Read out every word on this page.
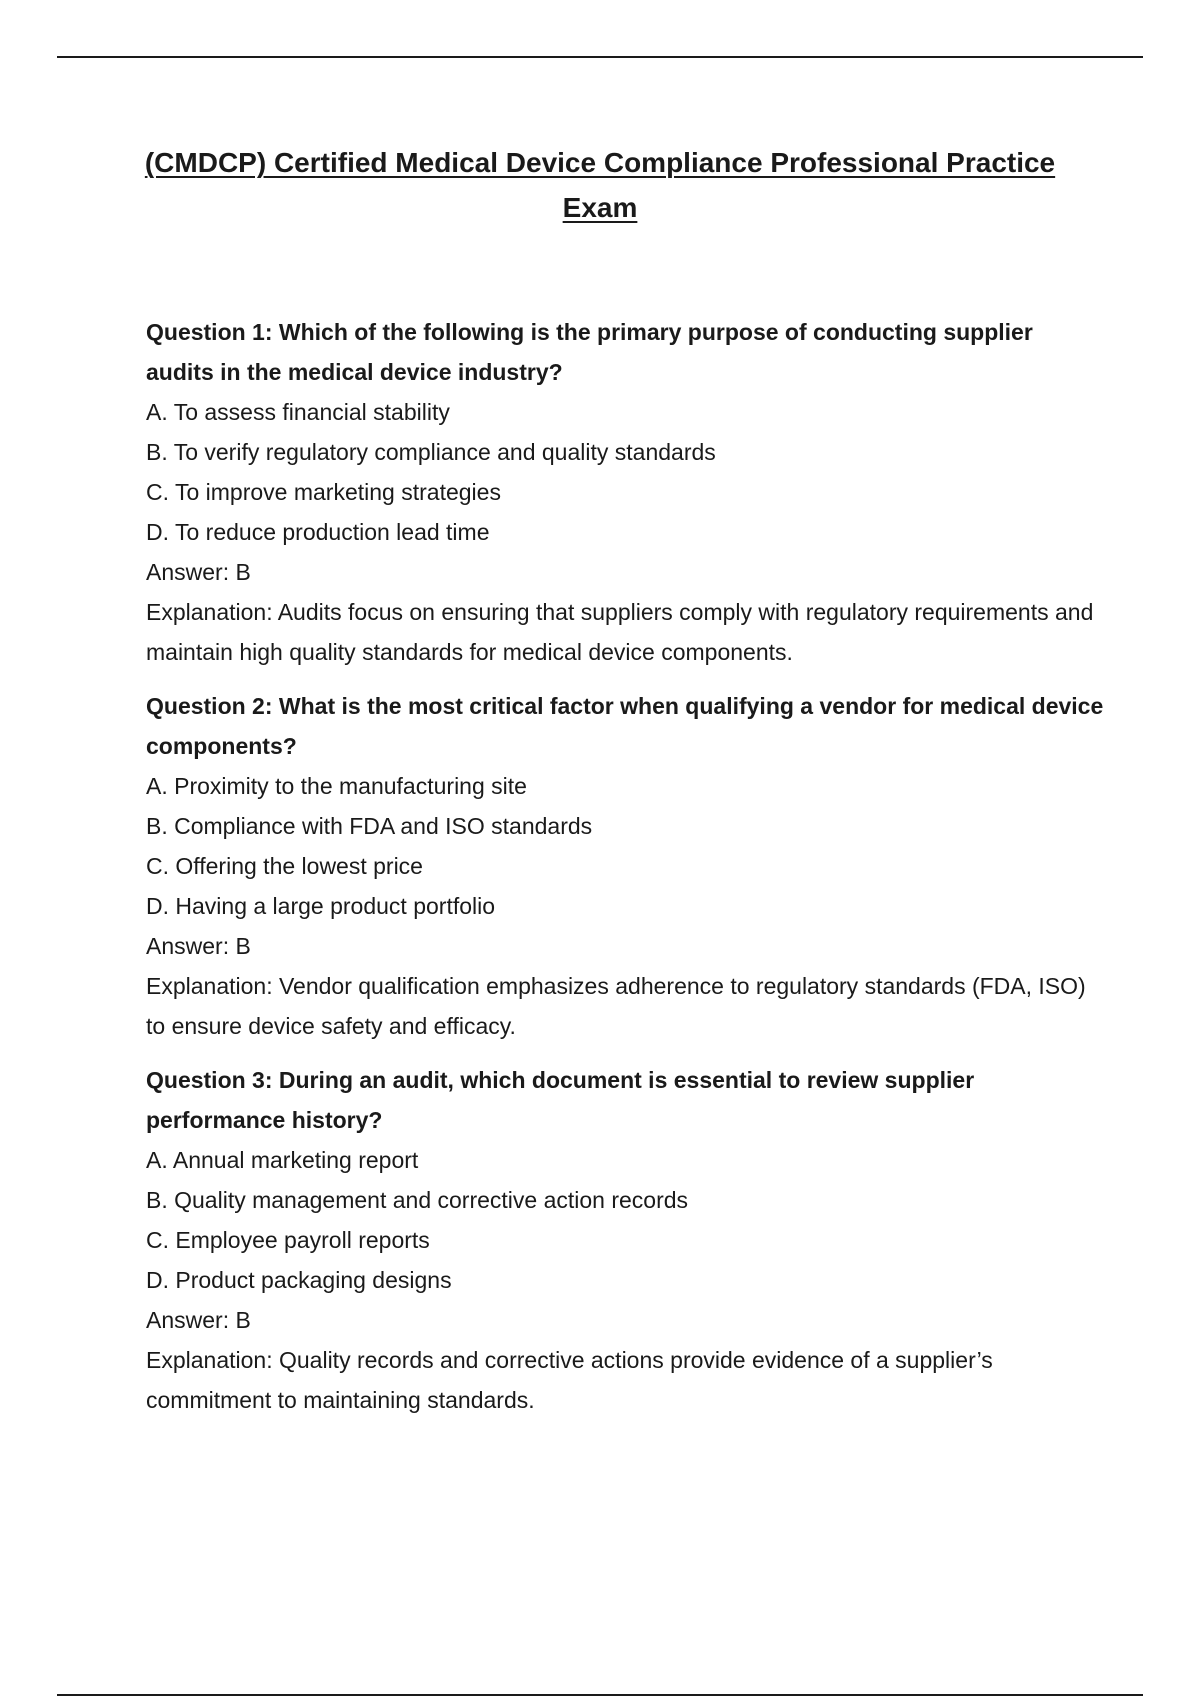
(CMDCP) Certified Medical Device Compliance Professional Practice Exam
Question 1: Which of the following is the primary purpose of conducting supplier audits in the medical device industry?
A. To assess financial stability
B. To verify regulatory compliance and quality standards
C. To improve marketing strategies
D. To reduce production lead time
Answer: B
Explanation: Audits focus on ensuring that suppliers comply with regulatory requirements and maintain high quality standards for medical device components.
Question 2: What is the most critical factor when qualifying a vendor for medical device components?
A. Proximity to the manufacturing site
B. Compliance with FDA and ISO standards
C. Offering the lowest price
D. Having a large product portfolio
Answer: B
Explanation: Vendor qualification emphasizes adherence to regulatory standards (FDA, ISO) to ensure device safety and efficacy.
Question 3: During an audit, which document is essential to review supplier performance history?
A. Annual marketing report
B. Quality management and corrective action records
C. Employee payroll reports
D. Product packaging designs
Answer: B
Explanation: Quality records and corrective actions provide evidence of a supplier’s commitment to maintaining standards.
